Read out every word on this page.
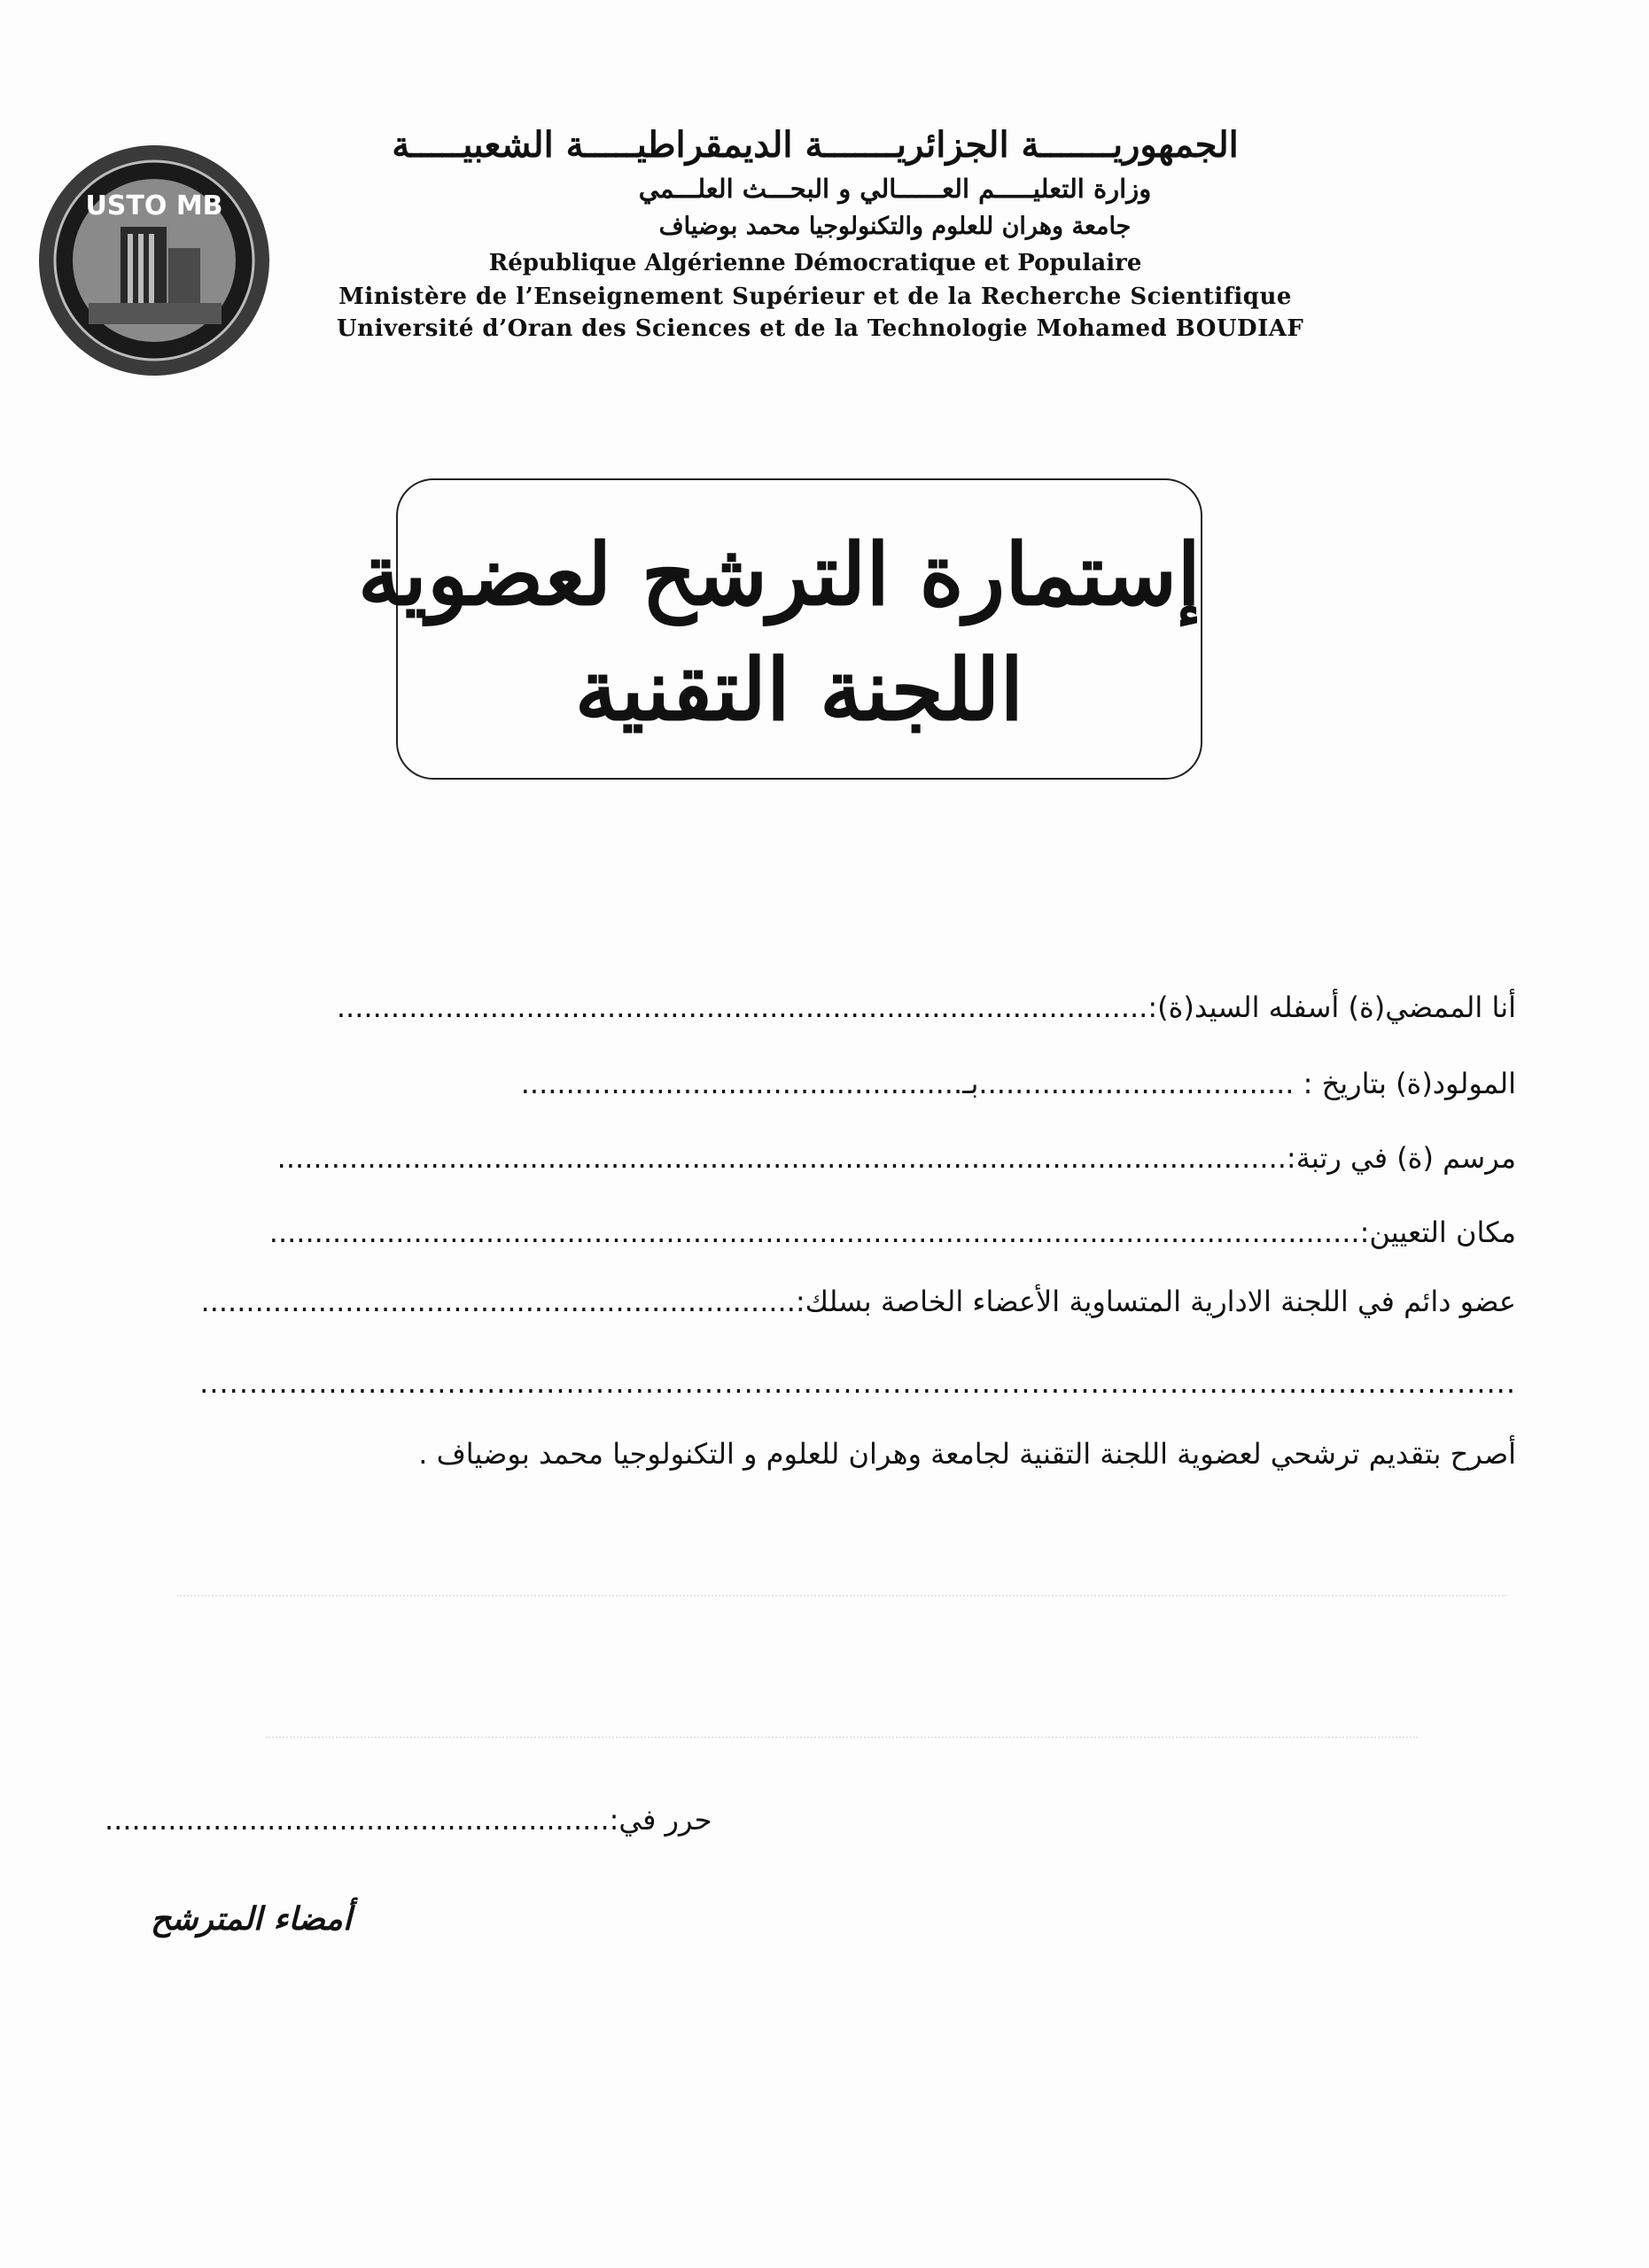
USTO MB
الجمهوريـــــــة الجزائريـــــــة الديمقراطيـــــة الشعبيـــــة
وزارة التعليـــــم العــــــالي و البحـــث العلـــمي
جامعة وهران للعلوم والتكنولوجيا محمد بوضياف
République Algérienne Démocratique et Populaire
Ministère de l’Enseignement Supérieur et de la Recherche Scientifique
Université d’Oran des Sciences et de la Technologie Mohamed BOUDIAF
إستمارة الترشح لعضوية
اللجنة التقنية
أنا الممضي(ة) أسفله السيد(ة):..........................................................................................
المولود(ة) بتاريخ : ...................................بـ.................................................
مرسم (ة) في رتبة:................................................................................................................
مكان التعيين:.........................................................................................................................
عضو دائم في اللجنة الادارية المتساوية الأعضاء الخاصة بسلك:..................................................................
.....................................................................................................................................
أصرح بتقديم ترشحي لعضوية اللجنة التقنية لجامعة وهران للعلوم و التكنولوجيا محمد بوضياف .
حرر في:........................................................
أمضاء المترشح
